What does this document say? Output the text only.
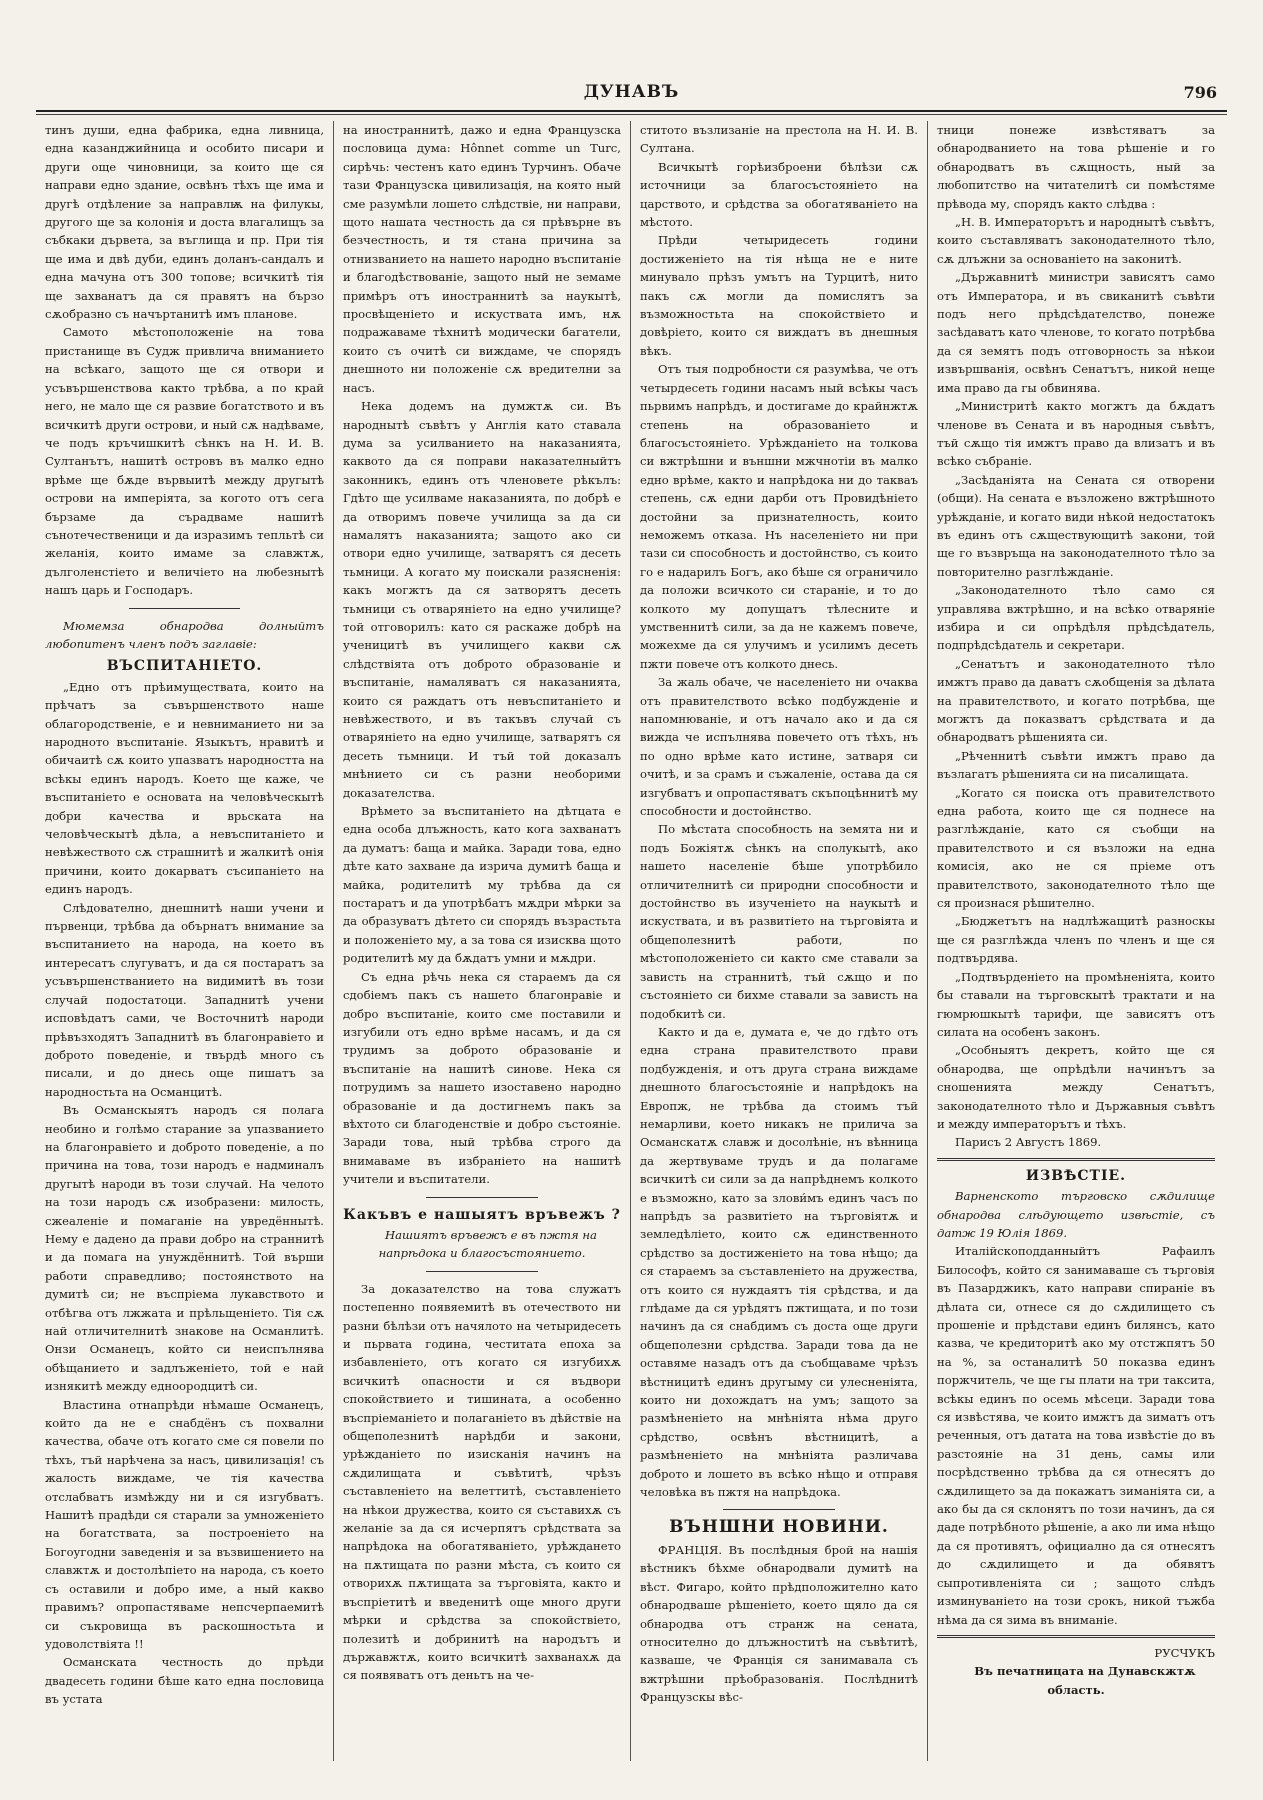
ДУНАВЪ	796

тинъ души, една фабрика, една ливница, една казанджийница и особито писари и други още чиновници, за които ще ся направи едно здание, освѣнъ тѣхъ ще има и другѣ отдѣление за направлѭ на филукы, другого ще за колонія и доста влагалищъ за събкаки дървета, за въглища и пр. При тія ще има и двѣ дуби, единъ доланъ-сандалъ и една мачуна отъ 300 топове; всичкитѣ тія ще захванатъ да ся правятъ на бързо сѫобразно съ начъртанитѣ имъ планове.

Самото мѣстоположеніе на това пристанище въ Судж привлича вниманието на всѣкаго, защото ще ся отвори и усъвършенствова както трѣбва, а по край него, не мало ще ся развие богатството и въ всичкитѣ други острови, и ный сѫ надѣваме, че подъ кръчишкитѣ сѣнкъ на Н. И. В. Султанътъ, нашитѣ островъ въ малко едно врѣме ще бѫде вървыитѣ между другытѣ острови на имперіята, за когото отъ сега бързаме да сърадваме нашитѣ сънотечественици и да изразимъ тепльтѣ си желанія, които имаме за славжтѫ, дълголенстіето и величіето на любезнытѣ нашъ царь и Господаръ.

Мюмемза обнародва долныйтъ любопитенъ членъ подъ заглавіе:

ВЪСПИТАНІЕТО.

„Едно отъ прѣимуществата, които на прѣчатъ за съвършенството наше облагородственіе, е и невниманието ни за народното въспитаніе. Языкътъ, нравитѣ и обичаитѣ сѫ които упазватъ народността на всѣкы единъ народъ. Което ще каже, че въспитаніето е основата на человѣческытѣ добри качества и врьската на человѣческытѣ дѣла, а невъспитаніето и невѣжеството сѫ страшнитѣ и жалкитѣ онія причини, които докарватъ съсипаніето на единъ народъ.

Слѣдователно, днешнитѣ наши учени и първенци, трѣбва да обърнатъ внимание за въспитанието на народа, на което въ интересатъ слугуватъ, и да ся постаратъ за усъвършенстванието на видимитѣ въ този случай подостатоци. Западнитѣ учени исповѣдатъ сами, че Восточнитѣ народи прѣвъзходятъ Западнитѣ въ благонравіето и доброто поведеніе, и твърдѣ много съ писали, и до днесь още пишатъ за народностьта на Османцитѣ.

Въ Османскыятъ народъ ся полага необино и голѣмо старание за упазванието на благонравіето и доброто поведеніе, а по причина на това, този народъ е надминалъ другытѣ народи въ този случай. На челото на този народъ сѫ изобразени: милость, сжеаленіе и помаганіе на увредённытѣ. Нему е дадено да прави добро на страннитѣ и да помага на унуждённитѣ. Той върши работи справедливо; постоянството на думитѣ си; не въспріема лукавството и отбѣгва отъ лжжата и прѣльщеніето. Тія сѫ най отличителнитѣ знакове на Османлитѣ. Онзи Османецъ, който си неиспълнява обѣщанието и задлъженіето, той е най изнякитѣ между едноородцитѣ си.

Властина отнапрѣди нѣмаше Османецъ, който да не е снабдёнъ съ похвални качества, обаче отъ когато сме ся повели по тѣхъ, тъй нарѣчена за насъ, цивилизація! съ жалость виждаме, че тія качества отслабватъ измѣжду ни и ся изгубватъ. Нашитѣ прадѣди ся старали за умноженіето на богатствата, за построеніето на Богоугодни заведенія и за възвишението на славжтѫ и достолѣпіето на народа, съ което съ оставили и добро име, а ный какво правимъ? опропастяваме непсчерпаемитѣ си съкровища въ раскошностьта и удоволствіята !!

Османската честность до прѣди двадесеть години бѣше като една пословица въ устата

на иностраннитѣ, дажо и една Французска пословица дума: Hônnet comme un Turc, сирѣчь: честенъ като единъ Турчинъ. Обаче тази Французска цивилизація, на която ный сме разумѣли лошето слѣдствіе, ни направи, щото нашата честность да ся прѣвърне въ безчестность, и тя стана причина за отнизванието на нашето народно въспитаніе и благодѣствованіе, защото ный не земаме примѣръ отъ иностраннитѣ за наукытѣ, просвѣщеніето и искуствата имъ, нѫ подражаваме тѣхнитѣ модически багатели, които съ очитѣ си виждаме, че спорядъ днешното ни положеніе сѫ вредителни за насъ.

Нека додемъ на думжтѫ си. Въ народнытѣ съвѣтъ у Англія като ставала дума за усилванието на наказанията, каквото да ся поправи наказателныйтъ законникъ, единъ отъ членовете рѣкълъ: Гдѣто ще усилваме наказанията, по добрѣ е да отворимъ повече училища за да си намалятъ наказанията; защото ако си отвори едно училище, затварятъ ся десеть тьмници. А когато му поискали разясненія: какъ могжтъ да ся затворятъ десеть тьмници съ отваряніето на едно училище? той отговорилъ: като ся раскаже добрѣ на ученицитѣ въ училищего какви сѫ слѣдствіята отъ доброто образованіе и въспитаніе, намаляватъ ся наказанията, които ся раждатъ отъ невъспитаніето и невѣжеството, и въ такъвъ случай съ отваряніето на едно училище, затварятъ ся десеть тьмници. И тъй той доказалъ мнѣнието си съ разни необорими доказателства.

Врѣмето за въспитаніето на дѣтцата е една особа длъжность, като кога захванатъ да думатъ: баща и майка. Заради това, едно дѣте като захване да изрича думитѣ баща и майка, родителитѣ му трѣбва да ся постаратъ и да употрѣбатъ мѫдри мѣрки за да образуватъ дѣтето си спорядъ възрастьта и положеніето му, а за това ся изисква щото родителитѣ му да бѫдатъ умни и мѫдри.

Съ една рѣчь нека ся стараемъ да ся сдобіемъ пакъ съ нашето благонравіе и добро въспитаніе, които сме поставили и изгубили отъ едно врѣме насамъ, и да ся трудимъ за доброто образованіе и въспитаніе на нашитѣ синове. Нека ся потрудимъ за нашето изоставено народно образованіе и да достигнемъ пакъ за вѣхтото си благоденствіе и добро състояніе. Заради това, ный трѣбва строго да внимаваме въ избраніето на нашитѣ учители и въспитатели.

Какъвъ е нашыятъ връвежъ ?

Нашиятъ връвежъ е въ пжтя на напрѣдока и благосъстоянието.

За доказателство на това служатъ постепенно появяемитѣ въ отечеството ни разни бѣлѣзи отъ начялото на четыридесеть и пьрвата година, честитата епоха за избавленіето, отъ когато ся изгубихѫ всичкитѣ опасности и ся въдвори спокойствието и тишината, а особенно въспріеманіето и полаганіето въ дѣйствіе на общеполезнитѣ нарѣдби и закони, урѣжданіето по изисканія начинъ на сѫдилищата и съвѣтитѣ, чрѣзъ съставленіето на велеттитѣ, съставленіето на нѣкои дружества, които ся съставихѫ съ желаніе за да ся исчерпятъ срѣдствата за напрѣдока на обогатяваніето, урѣждането на пѫтищата по разни мѣста, съ които ся отворихѫ пѫтищата за търговіята, както и въспріетитѣ и введенитѣ още много други мѣрки и срѣдства за спокойствіето, полезитѣ и добринитѣ на народътъ и държавжтѫ, които всичкитѣ захванахѫ да ся появяватъ отъ деньтъ на че-

ститото възлизаніе на престола на Н. И. В. Султана.

Всичкытѣ горѣизброени бѣлѣзи сѫ источници за благосъстояніето на царството, и срѣдства за обогатяваніето на мѣстото.

Прѣди четыридесеть години достиженіето на тія нѣща не е ните минувало прѣзъ умътъ на Турцитѣ, нито пакъ сѫ могли да помислятъ за възможностьта на спокойствіето и довѣріето, които ся виждатъ въ днешныя вѣкъ.

Отъ тыя подробности ся разумѣва, че отъ четырдесеть години насамъ ный всѣкы часъ пьрвимъ напрѣдъ, и достигаме до крайнжтѫ степень на образованіето и благосъстояніето. Урѣжданіето на толкова си вжтрѣшни и външни мжчнотіи въ малко едно врѣме, както и напрѣдока ни до такваъ степень, сѫ едни дарби отъ Провидѣніето достойни за признателность, които неможемъ отказа. Нъ населеніето ни при тази си способность и достойнство, съ които го е надарилъ Богъ, ако бѣше ся ограничило да положи всичкото си стараніе, и то до колкото му допущатъ тѣлесните и умственнитѣ сили, за да не кажемъ повече, можехме да ся улучимъ и усилимъ десеть пжти повече отъ колкото днесь.

За жаль обаче, че населеніето ни очаква отъ правителството всѣко подбужденіе и напомнюваніе, и отъ начало ако и да ся вижда че испълнява повечето отъ тѣхъ, нъ по одно врѣме като истине, затваря си очитѣ, и за срамъ и съжаленіе, остава да ся изгубватъ и опропастяватъ скъпоцѣннитѣ му способности и достойнство.

По мѣстата способность на земята ни и подъ Божіятѫ сѣнкъ на сполукытѣ, ако нашето населеніе бѣше употрѣбило отличителнитѣ си природни способности и достойнство въ изученіето на наукытѣ и искуствата, и въ развитіето на търговіята и общеполезнитѣ работи, по мѣстоположеніето си както сме ставали за зависть на страннитѣ, тъй сѫщо и по състояніето си бихме ставали за зависть на подобкитѣ си.

Както и да е, думата е, че до гдѣто отъ една страна правителството прави подбужденія, и отъ друга страна виждаме днешното благосъстояніе и напрѣдокъ на Европж, не трѣбва да стоимъ тъй немарливи, което никакъ не прилича за Османскатѫ славж и досолѣніе, нъ вѣнница да жертвуваме трудъ и да полагаме всичкитѣ си сили за да напрѣднемъ колкото е възможно, като за злови́мъ единъ часъ по напрѣдъ за развитіето на търговіятѫ и земледѣліето, които сѫ единственното срѣдство за достиженіето на това нѣщо; да ся стараемъ за съставленіето на дружества, отъ които ся нуждаятъ тія срѣдства, и да глѣдаме да ся урѣдятъ пжтищата, и по този начинъ да ся снабдимъ съ доста още други общеполезни срѣдства. Заради това да не оставяме назадъ отъ да съобщаваме чрѣзъ вѣстницитѣ единъ другыму си улесненіята, които ни дохождатъ на умъ; защото за размѣненіето на мнѣніята нѣма друго срѣдство, освѣнъ вѣстницитѣ, а размѣненіето на мнѣніята различава доброто и лошето въ всѣко нѣщо и отправя человѣка въ пжтя на напрѣдока.

ВЪНШНИ НОВИНИ.

ФРАНЦІЯ. Въ послѣдныя брой на нашія вѣстникъ бѣхме обнародвали думитѣ на вѣст. Фигаро, който прѣдположително като обнародваше рѣшеніето, което щяло да ся обнародва отъ странж на сената, относително до длъжноститѣ на съвѣтитѣ, казваше, че Франція ся занимавала съ вжтрѣшни прѣобразованія. Послѣднитѣ Французскы вѣс-

тници понеже извѣстяватъ за обнародванието на това рѣшеніе и го обнародватъ въ сѫщность, ный за любопитство на читателитѣ си помѣстяме прѣвода му, спорядъ както слѣдва :

„Н. В. Императорътъ и народнытѣ съвѣтъ, които съставляватъ законодателното тѣло, сѫ длъжни за основаніето на законитѣ.

„Държавнитѣ министри зависятъ само отъ Императора, и въ свиканитѣ съвѣти подъ него прѣдсѣдателство, понеже засѣдаватъ като членове, то когато потрѣбва да ся земятъ подъ отговорность за нѣкои извършванія, освѣнъ Сенатътъ, никой неще има право да гы обвинява.

„Министритѣ както могжтъ да бѫдатъ членове въ Сената и въ народныя съвѣтъ, тъй сѫщо тія имжтъ право да влизатъ и въ всѣко събраніе.

„Засѣданіята на Сената ся отворени (общи). На сената е възложено вжтрѣшното урѣжданіе, и когато види нѣкой недостатокъ въ единъ отъ сѫществующитѣ закони, той ще го възвръща на законодателното тѣло за повторително разглѣжданіе.

„Законодателното тѣло само ся управлява вжтрѣшно, и на всѣко отваряніе избира и си опрѣдѣля прѣдсѣдатель, подпрѣдсѣдатель и секретари.

„Сенатътъ и законодателното тѣло имжтъ право да даватъ сѫобщенія за дѣлата на правителството, и когато потрѣбва, ще могжтъ да показватъ срѣдствата и да обнародватъ рѣшенията си.

„Рѣченнитѣ съвѣти имжтъ право да възлагатъ рѣшенията си на писалищата.

„Когато ся поиска отъ правителството една работа, които ще ся поднесе на разглѣжданіе, като ся съобщи на правителството и ся възложи на една комисія, ако не ся пріеме отъ правителството, законодателното тѣло ще ся произнася рѣшително.

„Бюджетътъ на надлѣжащитѣ разноскы ще ся разглѣжда членъ по членъ и ще ся подтвърдява.

„Подтвърденіето на промѣненіята, които бы ставали на търговскытѣ трактати и на гюмрюшкытѣ тарифи, ще зависятъ отъ силата на особенъ законъ.

„Особныятъ декретъ, който ще ся обнародва, ще опрѣдѣли начинътъ за сношенията между Сенатътъ, законодателното тѣло и Държавныя съвѣтъ и между императорътъ и тѣхъ.

Парисъ 2 Августъ 1869.

ИЗВѢСТІЕ.

Варненското търговско сѫдилище обнародва слѣдующето извѣстіе, съ датж 19 Юлія 1869.

Италійскоподданныйтъ Рафаилъ Билософъ, който ся занимаваше съ търговія въ Пазарджикъ, като направи спираніе въ дѣлата си, отнесе ся до сѫдилището съ прошеніе и прѣдстави единъ билянсъ, като казва, че кредиторитѣ ако му отстжпятъ 50 на %, за останалитѣ 50 показва единъ поржчитель, че ще гы плати на три таксита, всѣкы единъ по осемь мѣсеци. Заради това ся извѣстява, че които имжтъ да зиматъ отъ реченныя, отъ датата на това извѣстіе до въ разстояніе на 31 день, самы или посрѣдственно трѣбва да ся отнесятъ до сѫдилището за да покажатъ зиманіята си, а ако бы да ся склонятъ по този начинъ, да ся даде потрѣбното рѣшеніе, а ако ли има нѣщо да ся противятъ, официално да ся отнесятъ до сѫдилището и да обявятъ сыпротивленіята си ; защото слѣдъ изминуваніето на този срокъ, никой тъжба нѣма да ся зима въ вниманіе.

РУСЧУКЪ

Въ печатницата на Дунавскжтѫ область.
